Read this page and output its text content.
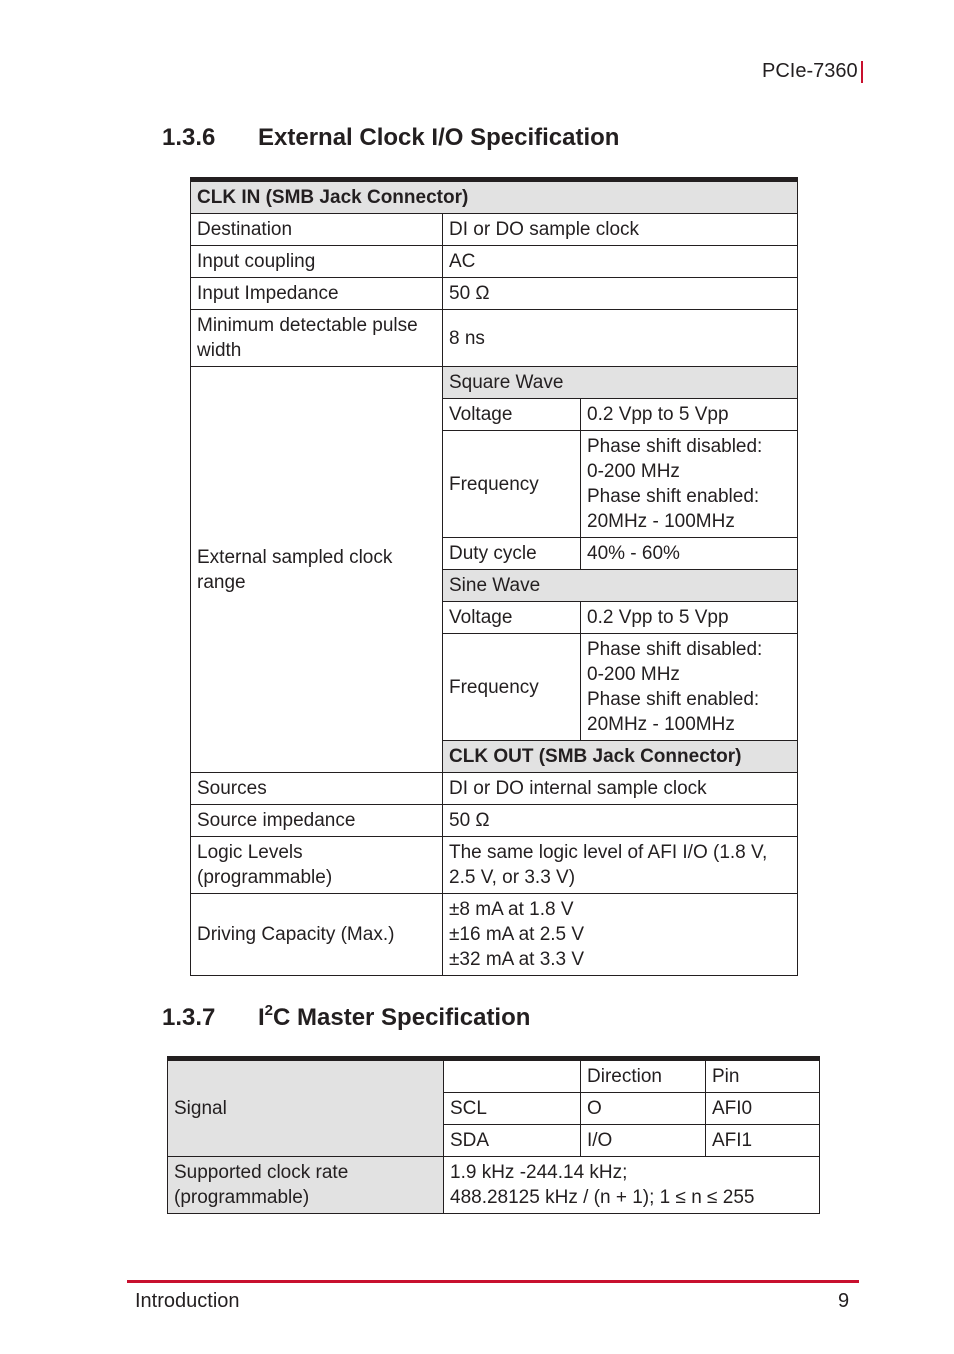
PCIe-7360
1.3.6 External Clock I/O Specification
CLK IN (SMB Jack Connector)		
Destination	DI or DO sample clock	
Input coupling	AC	
Input Impedance	50 Ω	
Minimum detectable pulse width	8 ns	
External sampled clock range	Square Wave	
	Voltage	0.2 Vpp to 5 Vpp
	Frequency	Phase shift disabled:
0-200 MHz
Phase shift enabled:
20MHz - 100MHz

	Duty cycle	40% - 60%
	Sine Wave	
	Voltage	0.2 Vpp to 5 Vpp
	Frequency	Phase shift disabled:
0-200 MHz
Phase shift enabled:
20MHz - 100MHz

	CLK OUT (SMB Jack Connector)	
Sources	DI or DO internal sample clock	
Source impedance	50 Ω	
Logic Levels (programmable)	The same logic level of AFI I/O (1.8 V, 2.5 V, or 3.3 V)	
Driving Capacity (Max.)	±8 mA at 1.8 V
±16 mA at 2.5 V
±32 mA at 3.3 V	
1.3.7 $I^2C$ Master Specification
Signal		Direction	Pin
	SCL	O	AFI0
	SDA	I/O	AFI1
Supported clock rate (programmable)	1.9 kHz -244.14 kHz;
488.28125 kHz / (n + 1); 1 ≤ n ≤ 255		
Introduction	9
